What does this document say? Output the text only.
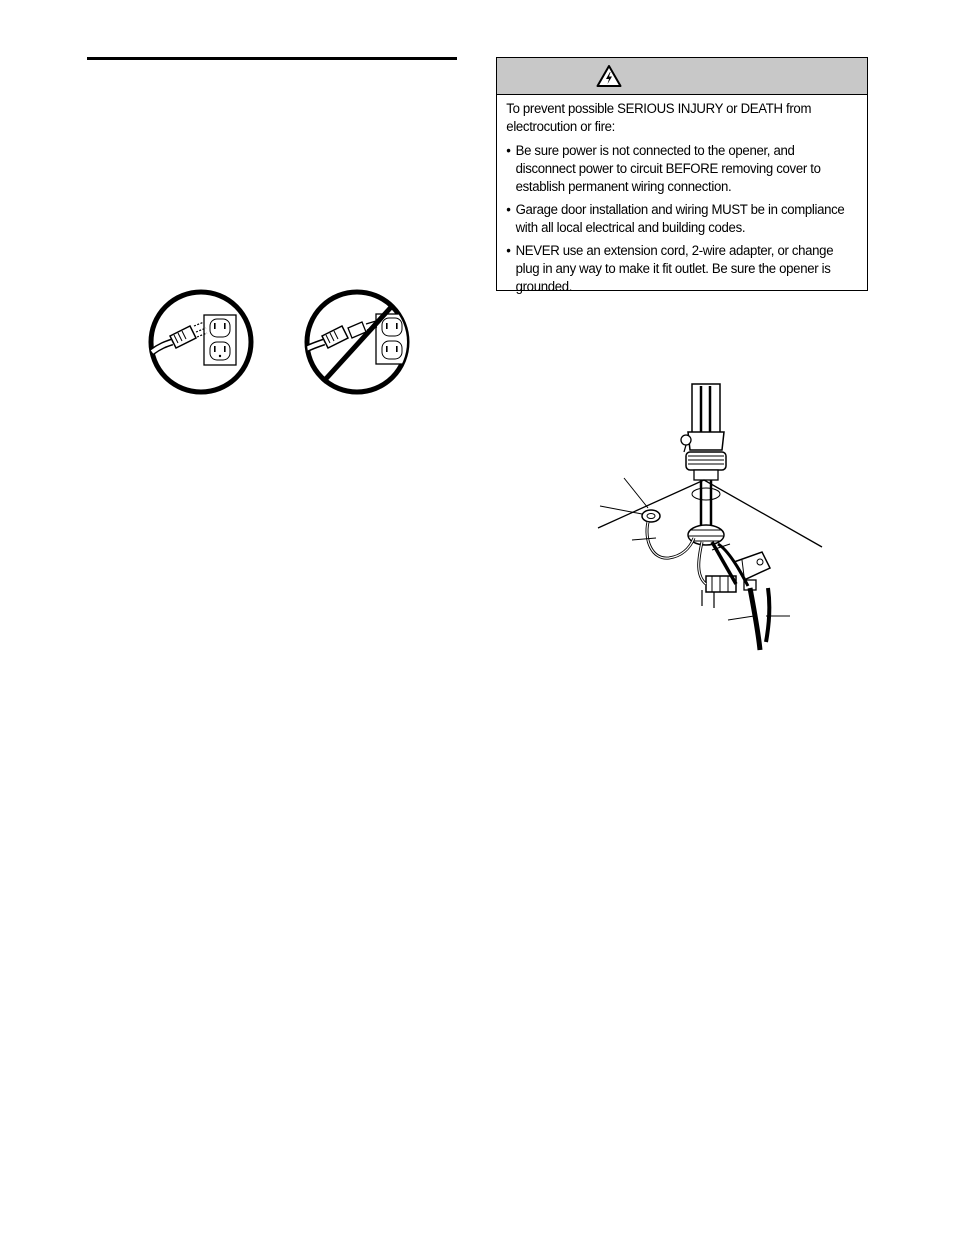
To prevent possible SERIOUS INJURY or DEATH from electrocution or fire:

• Be sure power is not connected to the opener, and disconnect power to circuit BEFORE removing cover to establish permanent wiring connection.
• Garage door installation and wiring MUST be in compliance with all local electrical and building codes.
• NEVER use an extension cord, 2-wire adapter, or change plug in any way to make it fit outlet. Be sure the opener is grounded.
